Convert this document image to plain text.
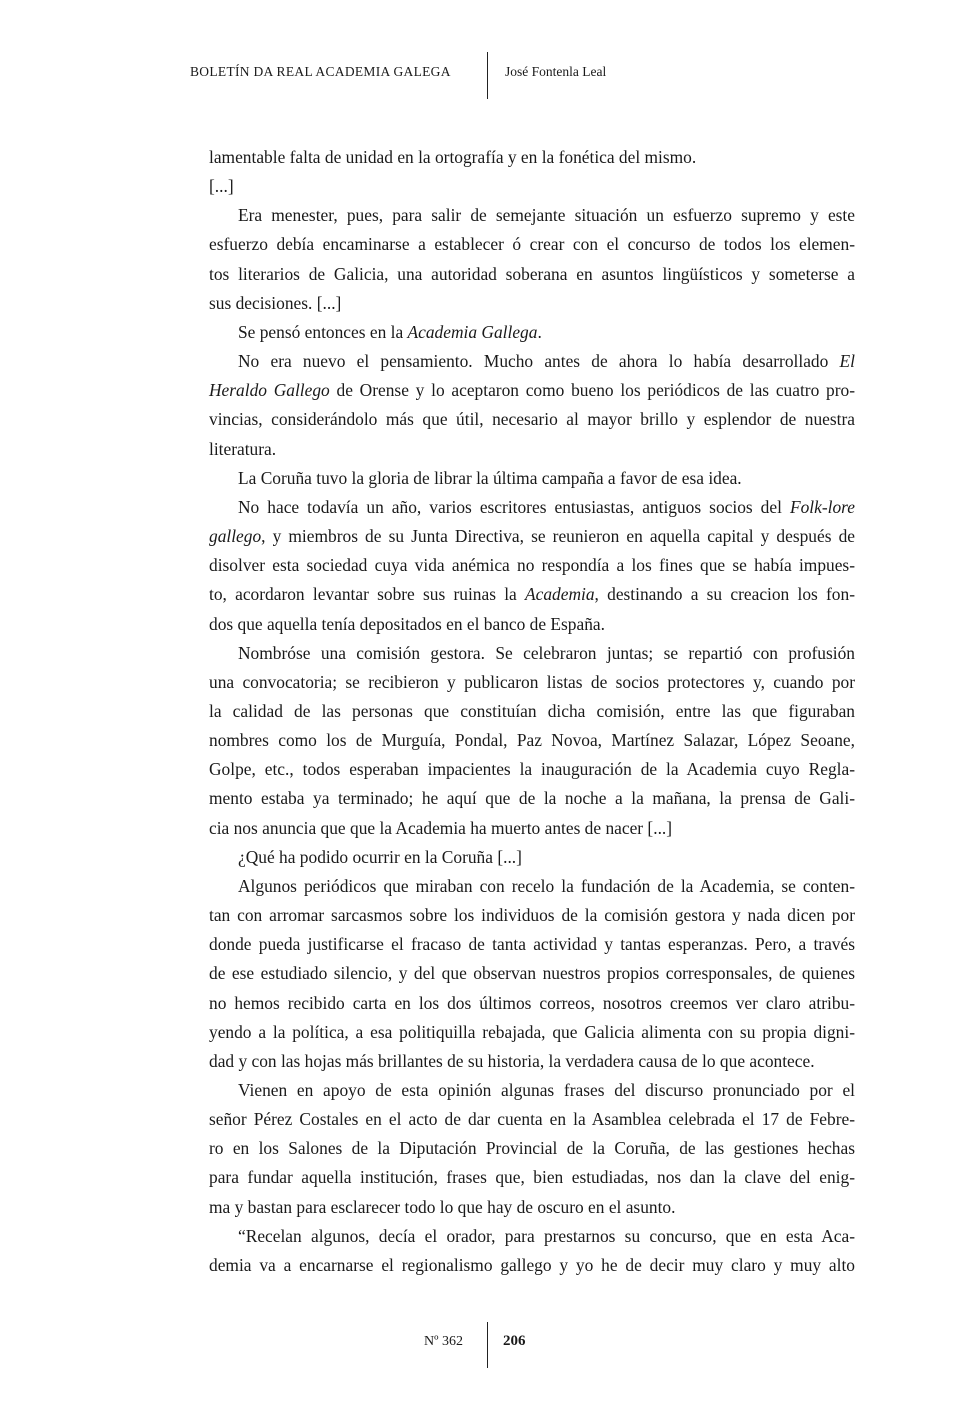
BOLETÍN DA REAL ACADEMIA GALEGA	José Fontenla Leal
lamentable falta de unidad en la ortografía y en la fonética del mismo.
[...]
Era menester, pues, para salir de semejante situación un esfuerzo supremo y este
esfuerzo debía encaminarse a establecer ó crear con el concurso de todos los elemen-
tos literarios de Galicia, una autoridad soberana en asuntos lingüísticos y someterse a
sus decisiones. [...]
Se pensó entonces en la Academia Gallega.
No era nuevo el pensamiento. Mucho antes de ahora lo había desarrollado El
Heraldo Gallego de Orense y lo aceptaron como bueno los periódicos de las cuatro pro-
vincias, considerándolo más que útil, necesario al mayor brillo y esplendor de nuestra
literatura.
La Coruña tuvo la gloria de librar la última campaña a favor de esa idea.
No hace todavía un año, varios escritores entusiastas, antiguos socios del Folk-lore
gallego, y miembros de su Junta Directiva, se reunieron en aquella capital y después de
disolver esta sociedad cuya vida anémica no respondía a los fines que se había impues-
to, acordaron levantar sobre sus ruinas la Academia, destinando a su creacion los fon-
dos que aquella tenía depositados en el banco de España.
Nombróse una comisión gestora. Se celebraron juntas; se repartió con profusión
una convocatoria; se recibieron y publicaron listas de socios protectores y, cuando por
la calidad de las personas que constituían dicha comisión, entre las que figuraban
nombres como los de Murguía, Pondal, Paz Novoa, Martínez Salazar, López Seoane,
Golpe, etc., todos esperaban impacientes la inauguración de la Academia cuyo Regla-
mento estaba ya terminado; he aquí que de la noche a la mañana, la prensa de Gali-
cia nos anuncia que que la Academia ha muerto antes de nacer [...]
¿Qué ha podido ocurrir en la Coruña [...]
Algunos periódicos que miraban con recelo la fundación de la Academia, se conten-
tan con arromar sarcasmos sobre los individuos de la comisión gestora y nada dicen por
donde pueda justificarse el fracaso de tanta actividad y tantas esperanzas. Pero, a través
de ese estudiado silencio, y del que observan nuestros propios corresponsales, de quienes
no hemos recibido carta en los dos últimos correos, nosotros creemos ver claro atribu-
yendo a la política, a esa politiquilla rebajada, que Galicia alimenta con su propia digni-
dad y con las hojas más brillantes de su historia, la verdadera causa de lo que acontece.
Vienen en apoyo de esta opinión algunas frases del discurso pronunciado por el
señor Pérez Costales en el acto de dar cuenta en la Asamblea celebrada el 17 de Febre-
ro en los Salones de la Diputación Provincial de la Coruña, de las gestiones hechas
para fundar aquella institución, frases que, bien estudiadas, nos dan la clave del enig-
ma y bastan para esclarecer todo lo que hay de oscuro en el asunto.
“Recelan algunos, decía el orador, para prestarnos su concurso, que en esta Aca-
demia va a encarnarse el regionalismo gallego y yo he de decir muy claro y muy alto
Nº 362	206
